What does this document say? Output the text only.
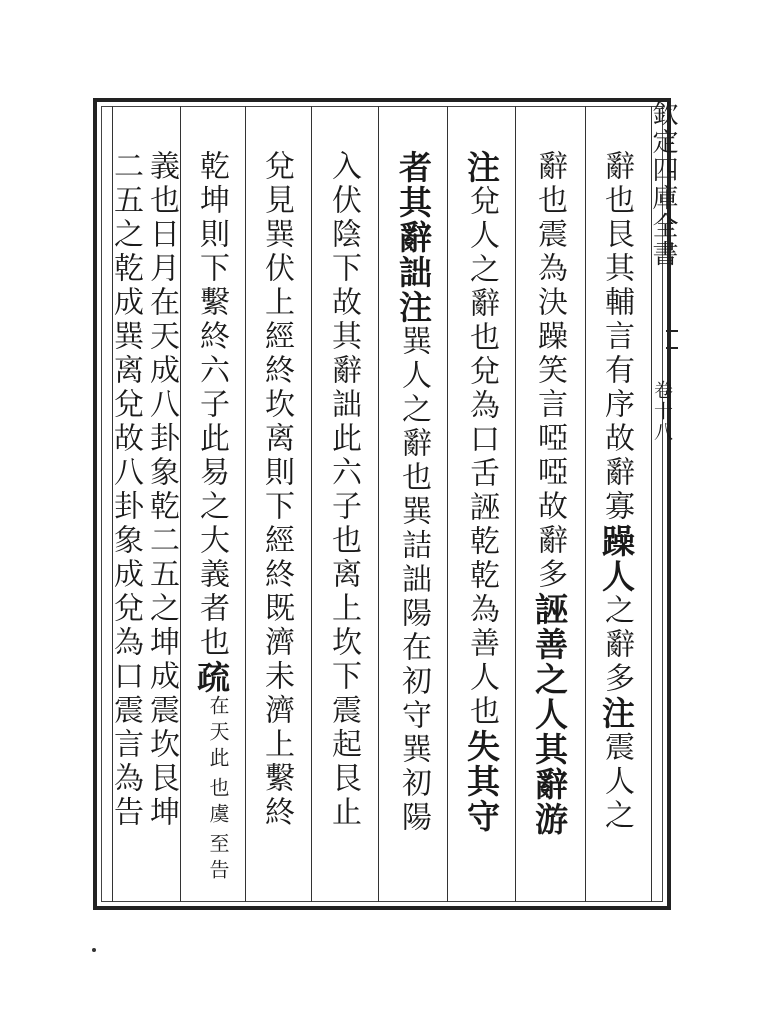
欽定四庫全書
卷十八
辭也艮其輔言有序故辭寡躁人之辭多注震人之
辭也震為決躁笑言啞啞故辭多誣善之人其辭游
注兌人之辭也兌為口舌誣乾乾為善人也失其守
者其辭詘注巽人之辭也巽詰詘陽在初守巽初陽
入伏陰下故其辭詘此六子也离上坎下震起艮止
兌見巽伏上經終坎离則下經終既濟未濟上繫終
乾坤則下繫終六子此易之大義者也疏
也
在天此
至告
虞
義也日月在天成八卦象乾二五之坤成震坎艮坤
二五之乾成巽离兌故八卦象成兌為口震言為告
